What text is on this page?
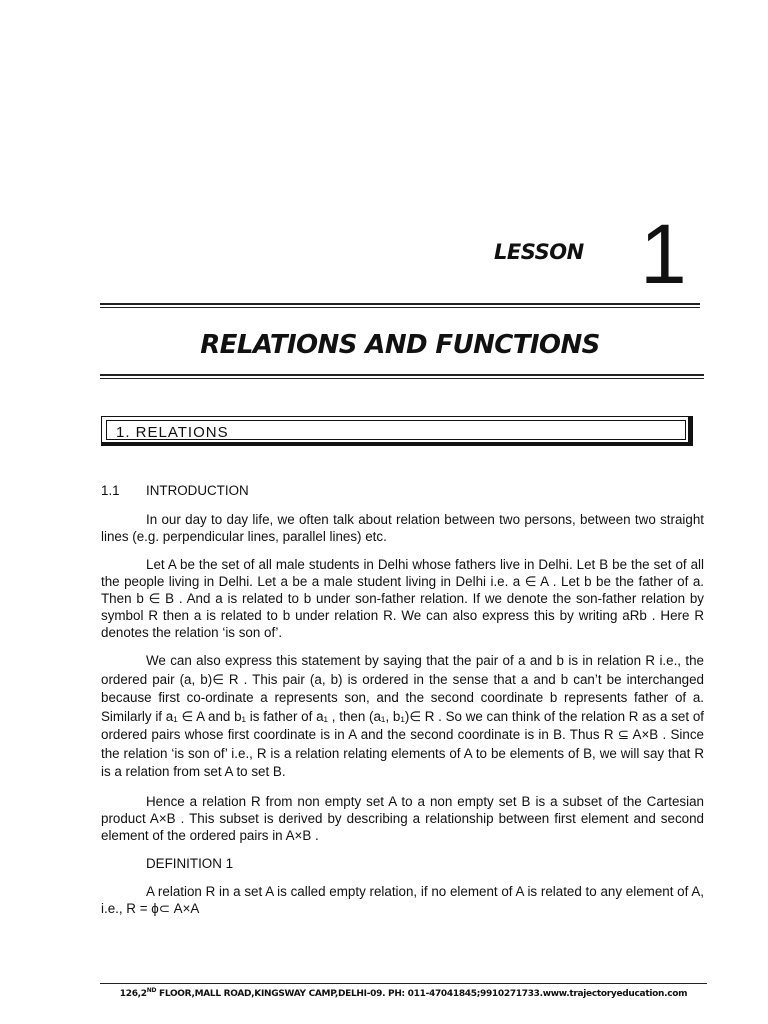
LESSON 1
RELATIONS AND FUNCTIONS
1. RELATIONS
1.1 INTRODUCTION

In our day to day life, we often talk about relation between two persons, between two straight lines (e.g. perpendicular lines, parallel lines) etc.

Let A be the set of all male students in Delhi whose fathers live in Delhi. Let B be the set of all the people living in Delhi. Let a be a male student living in Delhi i.e. a ∈ A . Let b be the father of a. Then b ∈ B . And a is related to b under son-father relation. If we denote the son-father relation by symbol R then a is related to b under relation R. We can also express this by writing aRb . Here R denotes the relation ‘is son of’.

We can also express this statement by saying that the pair of a and b is in relation R i.e., the ordered pair (a, b)∈ R . This pair (a, b) is ordered in the sense that a and b can’t be interchanged because first co-ordinate a represents son, and the second coordinate b represents father of a. Similarly if a₁ ∈ A and b₁ is father of a₁ , then (a₁, b₁)∈ R . So we can think of the relation R as a set of ordered pairs whose first coordinate is in A and the second coordinate is in B. Thus R ⊆ A×B . Since the relation ‘is son of’ i.e., R is a relation relating elements of A to be elements of B, we will say that R is a relation from set A to set B.

Hence a relation R from non empty set A to a non empty set B is a subset of the Cartesian product A×B . This subset is derived by describing a relationship between first element and second element of the ordered pairs in A×B .

DEFINITION 1

A relation R in a set A is called empty relation, if no element of A is related to any element of A, i.e., R = ϕ⊂ A×A

126,2ND FLOOR,MALL ROAD,KINGSWAY CAMP,DELHI-09. PH: 011-47041845;9910271733.www.trajectoryeducation.com
